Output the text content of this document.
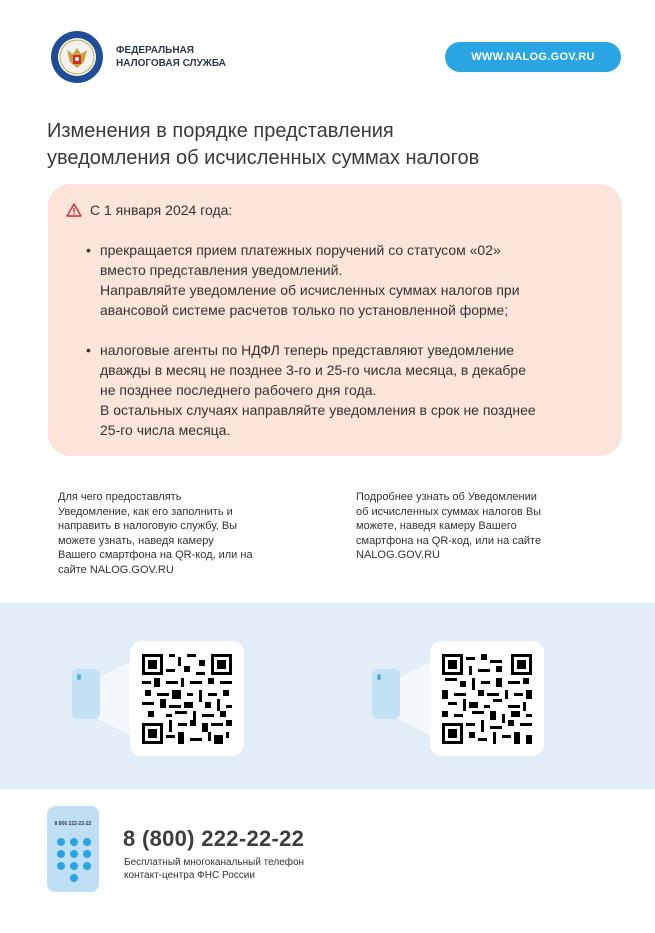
ФЕДЕРАЛЬНАЯ
НАЛОГОВАЯ СЛУЖБА
WWW.NALOG.GOV.RU
Изменения в порядке представления
уведомления об исчисленных суммах налогов
С 1 января 2024 года:
• прекращается прием платежных поручений со статусом «02»
вместо представления уведомлений.
Направляйте уведомление об исчисленных суммах налогов при
авансовой системе расчетов только по установленной форме;
• налоговые агенты по НДФЛ теперь представляют уведомление
дважды в месяц не позднее 3-го и 25-го числа месяца, в декабре
не позднее последнего рабочего дня года.
В остальных случаях направляйте уведомления в срок не позднее
25-го числа месяца.
Для чего предоставлять
Уведомление, как его заполнить и
направить в налоговую службу, Вы
можете узнать, наведя камеру
Вашего смартфона на QR-код, или на
сайте NALOG.GOV.RU
Подробнее узнать об Уведомлении
об исчисленных суммах налогов Вы
можете, наведя камеру Вашего
смартфона на QR-код, или на сайте
NALOG.GOV.RU
8 800 222-22-22
8 (800) 222-22-22
Бесплатный многоканальный телефон
контакт-центра ФНС России
